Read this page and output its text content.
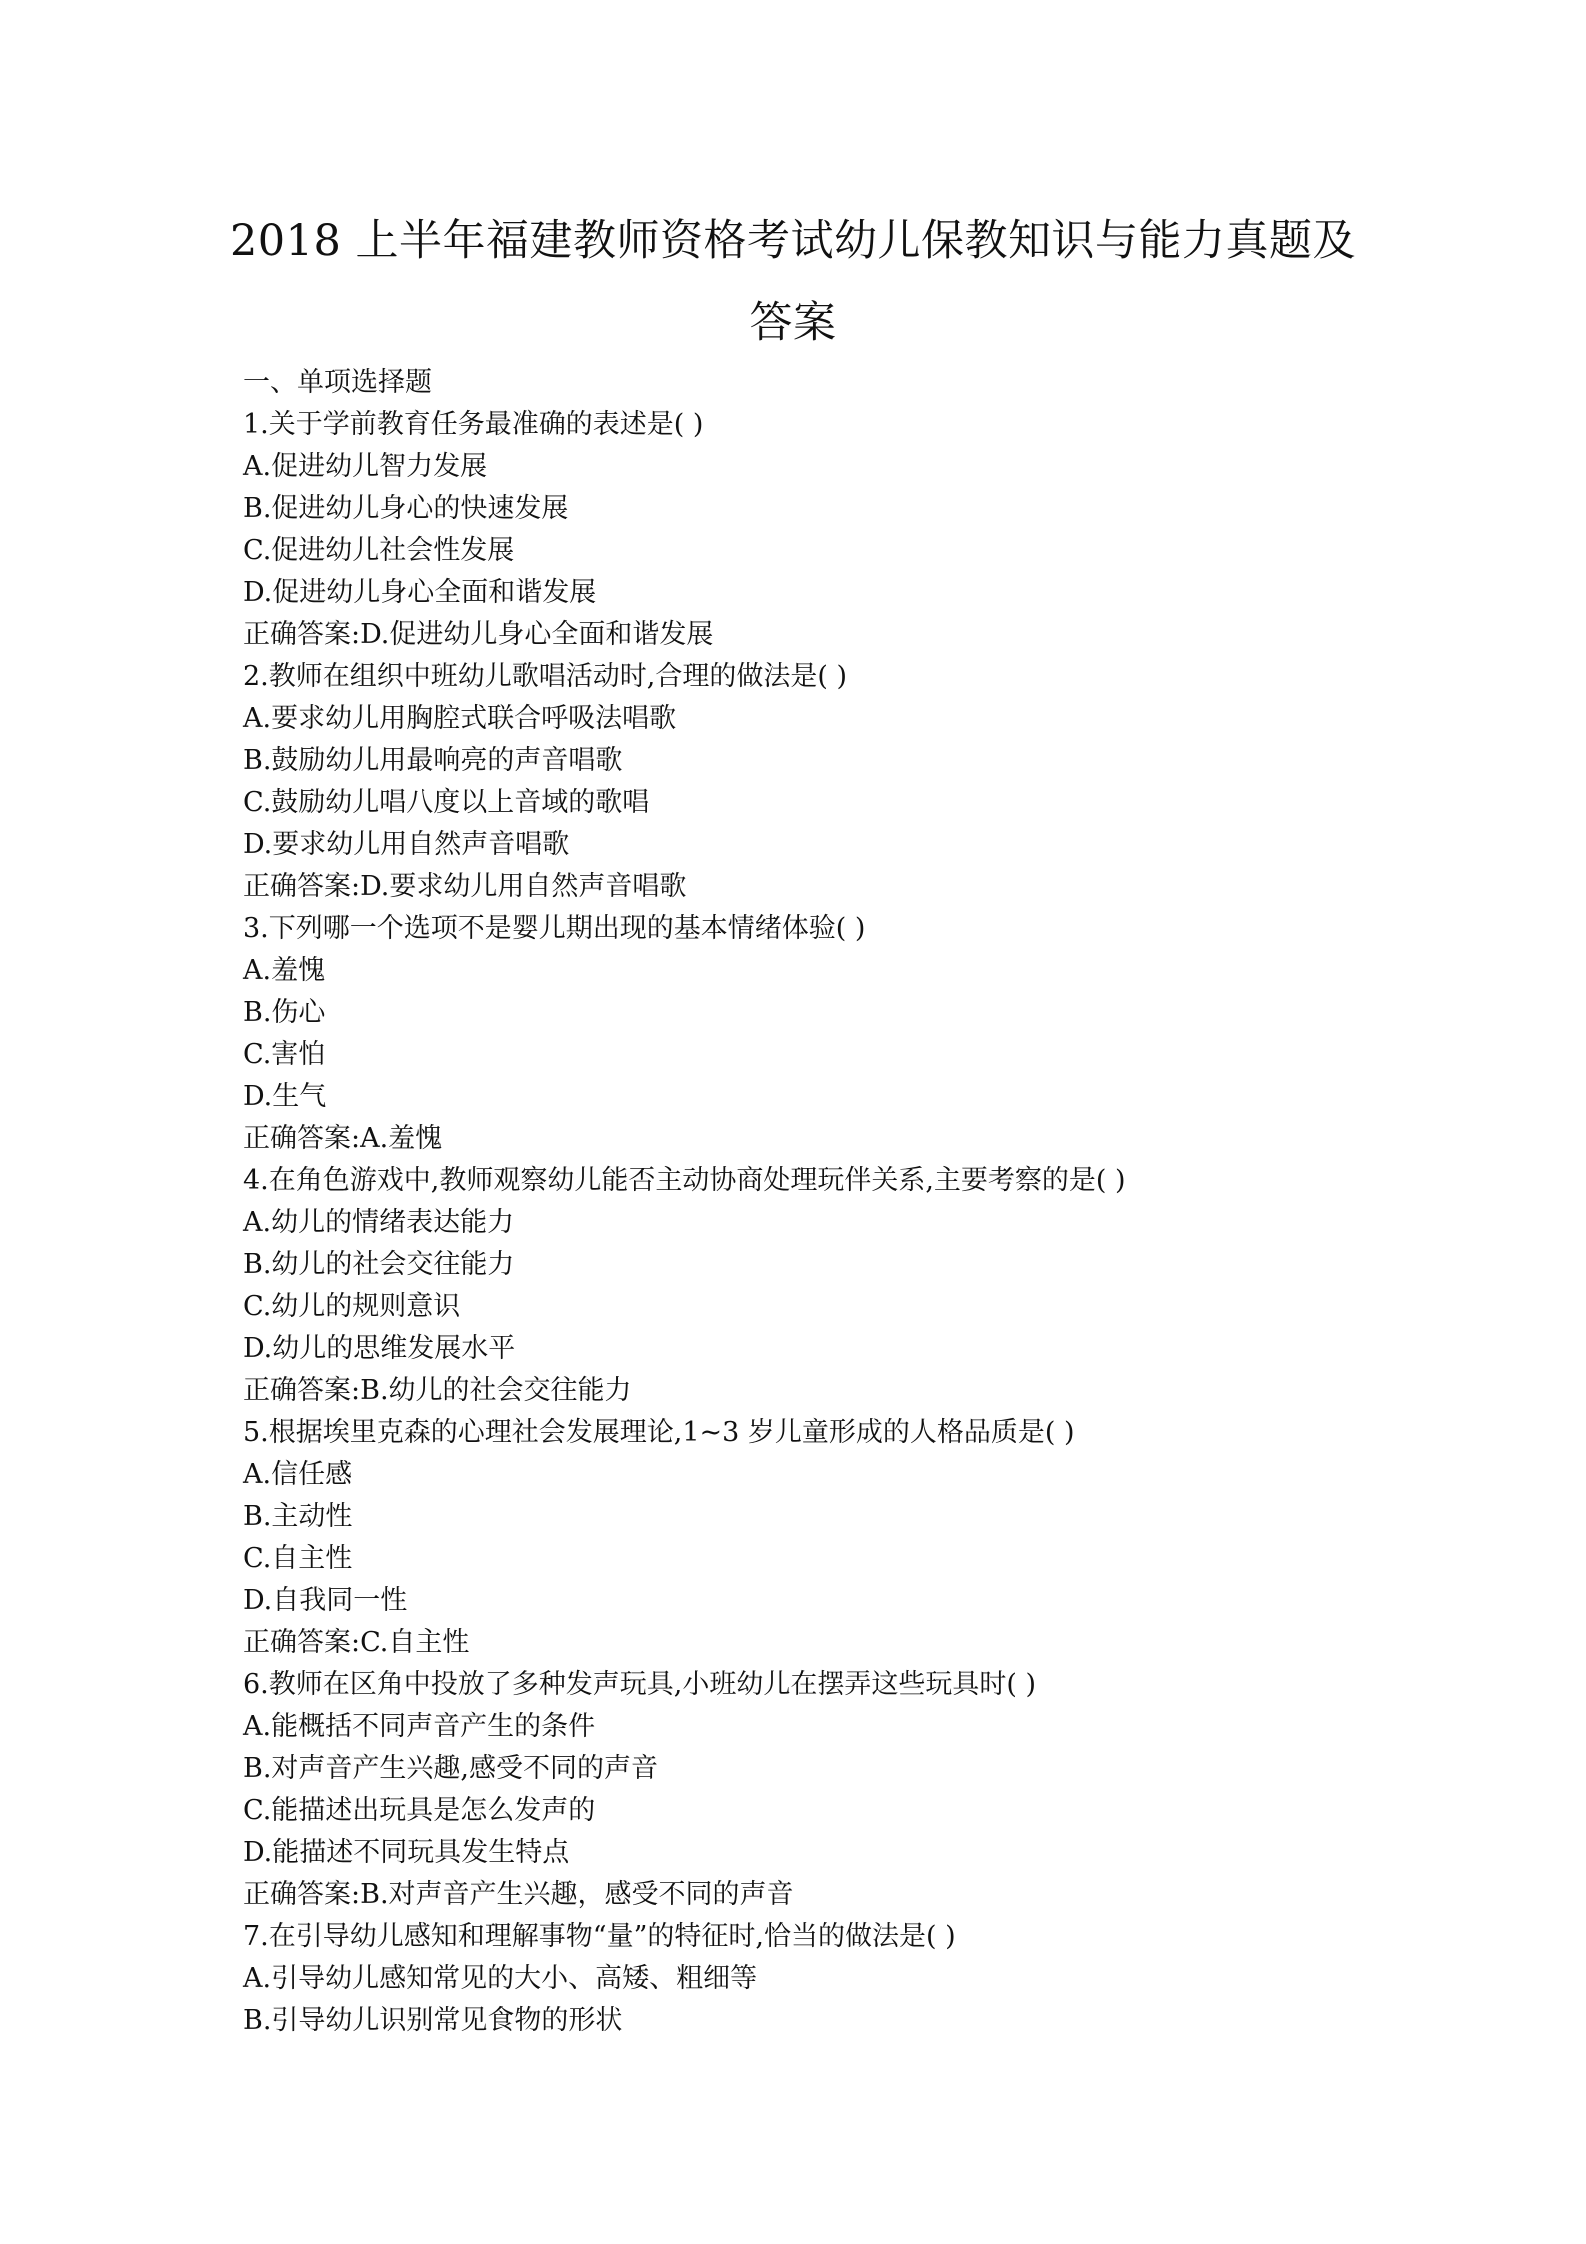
2018 上半年福建教师资格考试幼儿保教知识与能力真题及
答案
一、单项选择题
1.关于学前教育任务最准确的表述是( )
A.促进幼儿智力发展
B.促进幼儿身心的快速发展
C.促进幼儿社会性发展
D.促进幼儿身心全面和谐发展
正确答案:D.促进幼儿身心全面和谐发展
2.教师在组织中班幼儿歌唱活动时,合理的做法是( )
A.要求幼儿用胸腔式联合呼吸法唱歌
B.鼓励幼儿用最响亮的声音唱歌
C.鼓励幼儿唱八度以上音域的歌唱
D.要求幼儿用自然声音唱歌
正确答案:D.要求幼儿用自然声音唱歌
3.下列哪一个选项不是婴儿期出现的基本情绪体验( )
A.羞愧
B.伤心
C.害怕
D.生气
正确答案:A.羞愧
4.在角色游戏中,教师观察幼儿能否主动协商处理玩伴关系,主要考察的是( )
A.幼儿的情绪表达能力
B.幼儿的社会交往能力
C.幼儿的规则意识
D.幼儿的思维发展水平
正确答案:B.幼儿的社会交往能力
5.根据埃里克森的心理社会发展理论,1~3 岁儿童形成的人格品质是( )
A.信任感
B.主动性
C.自主性
D.自我同一性
正确答案:C.自主性
6.教师在区角中投放了多种发声玩具,小班幼儿在摆弄这些玩具时( )
A.能概括不同声音产生的条件
B.对声音产生兴趣,感受不同的声音
C.能描述出玩具是怎么发声的
D.能描述不同玩具发生特点
正确答案:B.对声音产生兴趣，感受不同的声音
7.在引导幼儿感知和理解事物“量”的特征时,恰当的做法是( )
A.引导幼儿感知常见的大小、高矮、粗细等
B.引导幼儿识别常见食物的形状
